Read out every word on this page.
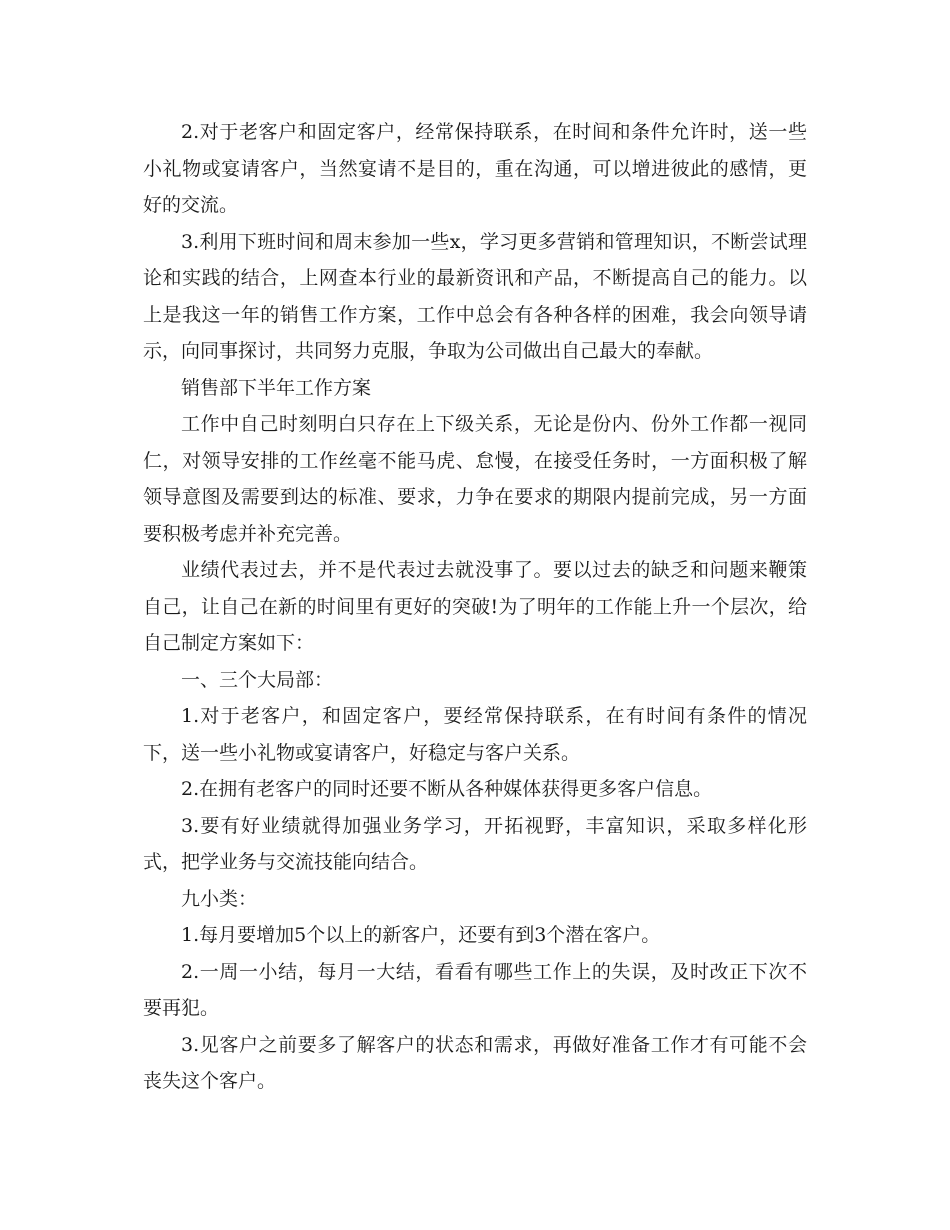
2.对于老客户和固定客户，经常保持联系，在时间和条件允许时，送一些小礼物或宴请客户，当然宴请不是目的，重在沟通，可以增进彼此的感情，更好的交流。

3.利用下班时间和周末参加一些x，学习更多营销和管理知识，不断尝试理论和实践的结合，上网查本行业的最新资讯和产品，不断提高自己的能力。以上是我这一年的销售工作方案，工作中总会有各种各样的困难，我会向领导请示，向同事探讨，共同努力克服，争取为公司做出自己最大的奉献。

销售部下半年工作方案

工作中自己时刻明白只存在上下级关系，无论是份内、份外工作都一视同仁，对领导安排的工作丝毫不能马虎、怠慢，在接受任务时，一方面积极了解领导意图及需要到达的标准、要求，力争在要求的期限内提前完成，另一方面要积极考虑并补充完善。

业绩代表过去，并不是代表过去就没事了。要以过去的缺乏和问题来鞭策自己，让自己在新的时间里有更好的突破!为了明年的工作能上升一个层次，给自己制定方案如下：

一、三个大局部：

1.对于老客户，和固定客户，要经常保持联系，在有时间有条件的情况下，送一些小礼物或宴请客户，好稳定与客户关系。

2.在拥有老客户的同时还要不断从各种媒体获得更多客户信息。

3.要有好业绩就得加强业务学习，开拓视野，丰富知识，采取多样化形式，把学业务与交流技能向结合。

九小类：

1.每月要增加5个以上的新客户，还要有到3个潜在客户。

2.一周一小结，每月一大结，看看有哪些工作上的失误，及时改正下次不要再犯。

3.见客户之前要多了解客户的状态和需求，再做好准备工作才有可能不会丧失这个客户。
